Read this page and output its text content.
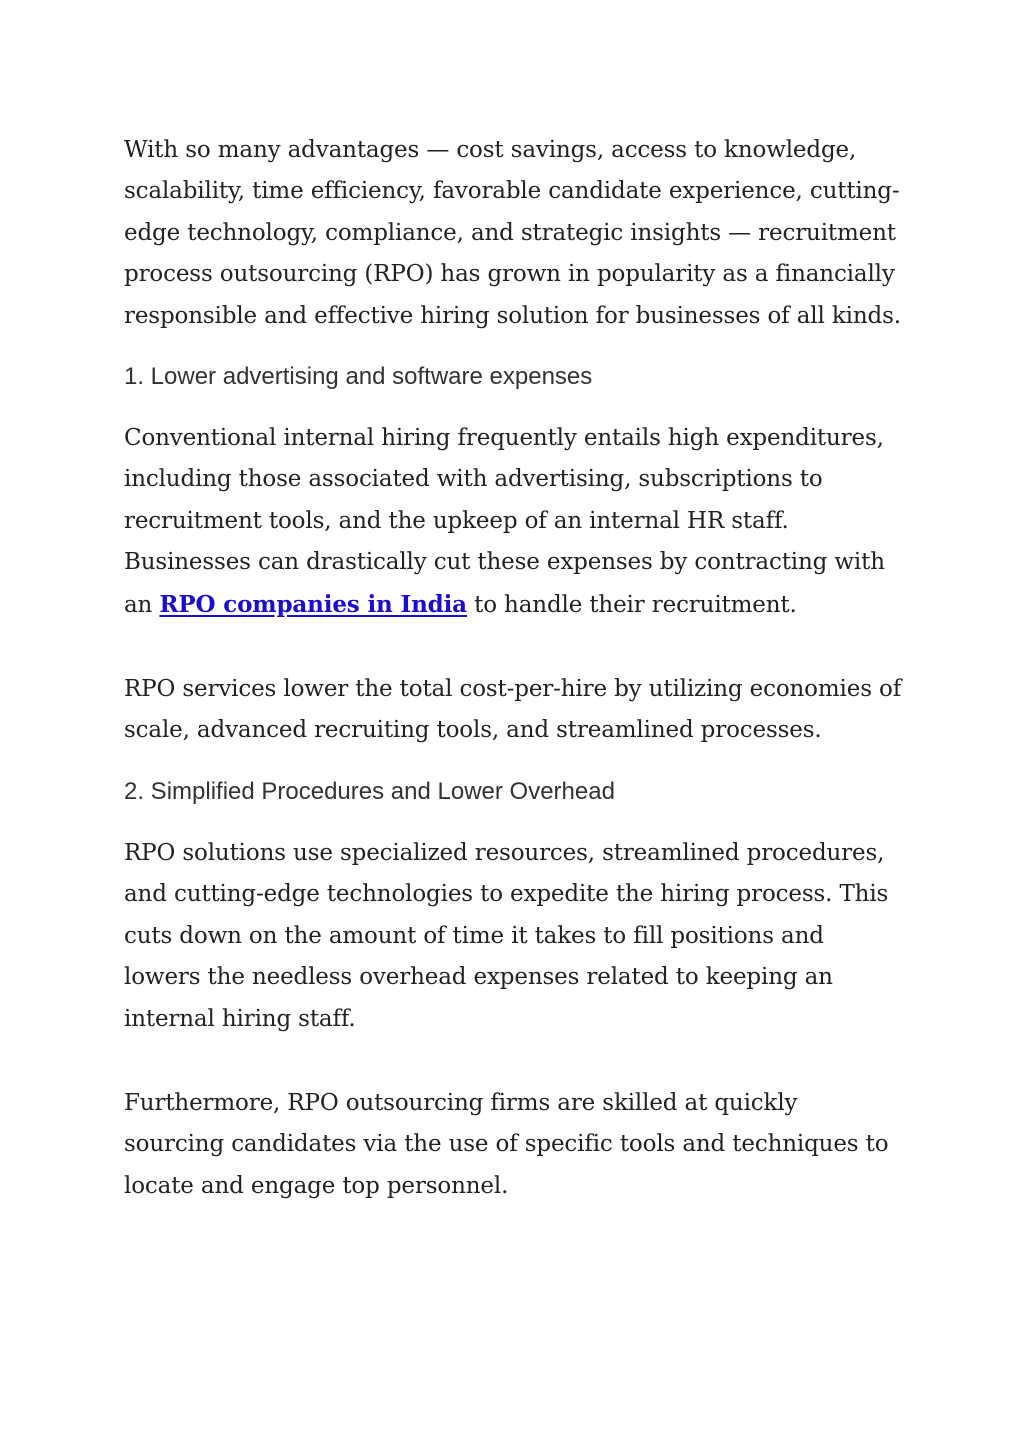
With so many advantages — cost savings, access to knowledge, scalability, time efficiency, favorable candidate experience, cutting-edge technology, compliance, and strategic insights — recruitment process outsourcing (RPO) has grown in popularity as a financially responsible and effective hiring solution for businesses of all kinds.

1. Lower advertising and software expenses

Conventional internal hiring frequently entails high expenditures, including those associated with advertising, subscriptions to recruitment tools, and the upkeep of an internal HR staff. Businesses can drastically cut these expenses by contracting with an RPO companies in India to handle their recruitment.

RPO services lower the total cost-per-hire by utilizing economies of scale, advanced recruiting tools, and streamlined processes.

2. Simplified Procedures and Lower Overhead

RPO solutions use specialized resources, streamlined procedures, and cutting-edge technologies to expedite the hiring process. This cuts down on the amount of time it takes to fill positions and lowers the needless overhead expenses related to keeping an internal hiring staff.

Furthermore, RPO outsourcing firms are skilled at quickly sourcing candidates via the use of specific tools and techniques to locate and engage top personnel.
